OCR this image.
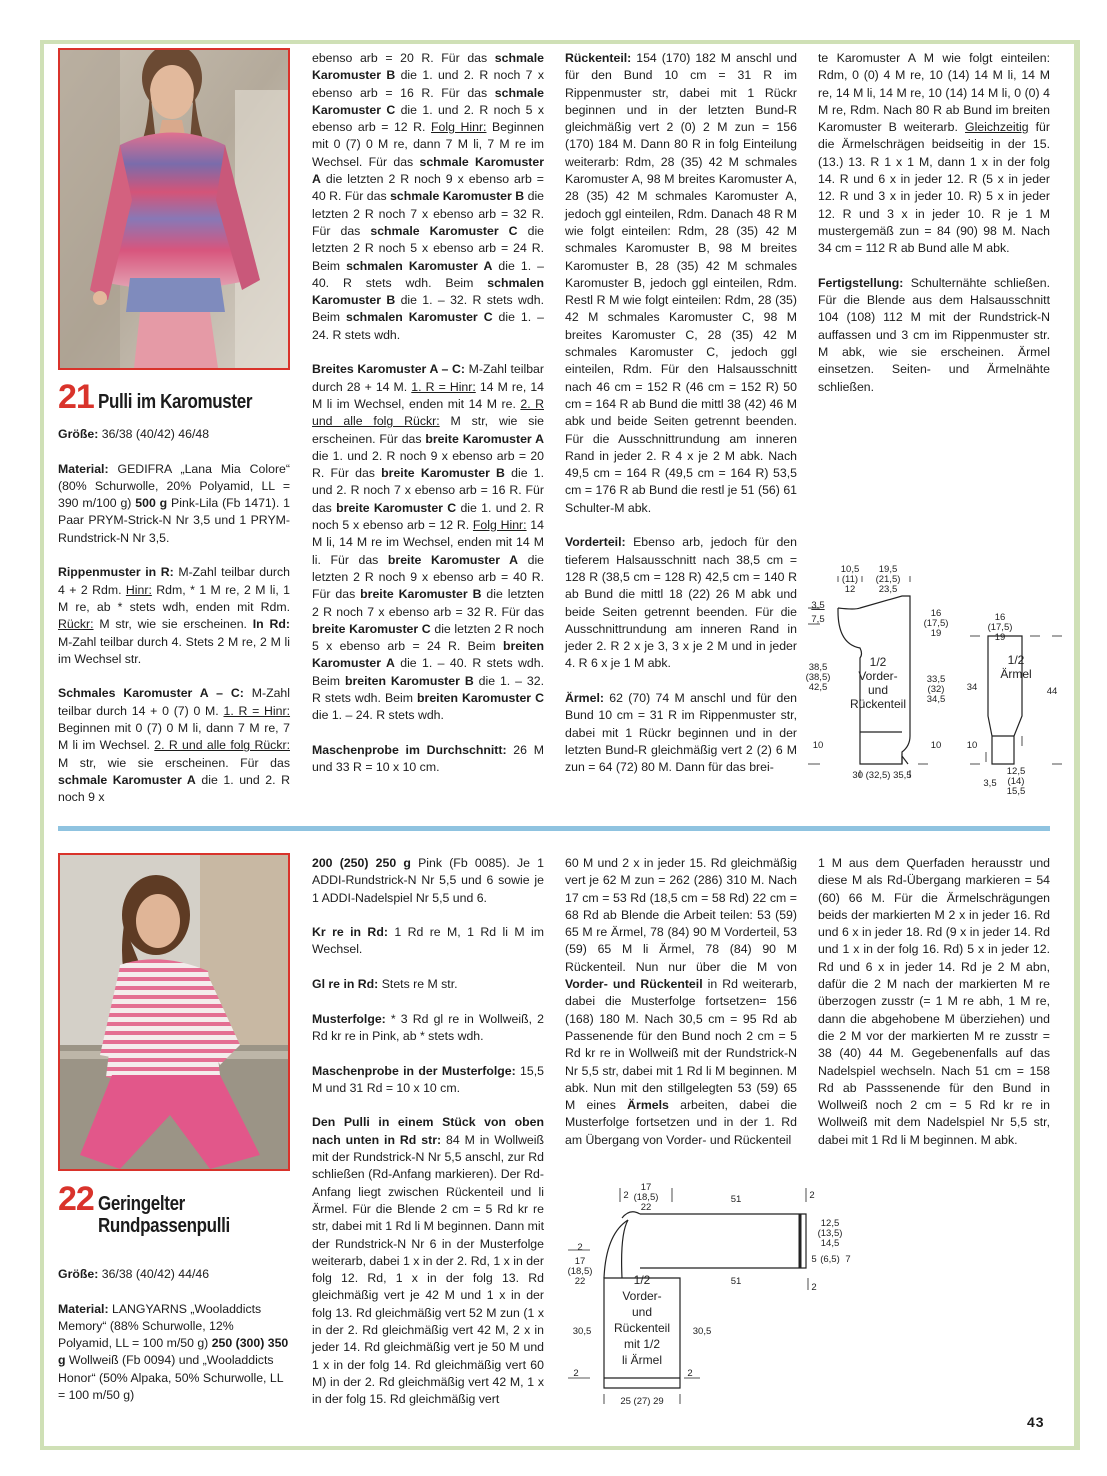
21 Pulli im Karomuster

Größe: 36/38 (40/42) 46/48

Material: GEDIFRA „Lana Mia Colore“ (80% Schurwolle, 20% Polyamid, LL = 390 m/100 g) 500 g Pink-Lila (Fb 1471). 1 Paar PRYM-Strick-N Nr 3,5 und 1 PRYM-Rundstrick-N Nr 3,5.

Rippenmuster in R: M-Zahl teilbar durch 4 + 2 Rdm. Hinr: Rdm, * 1 M re, 2 M li, 1 M re, ab * stets wdh, enden mit Rdm. Rückr: M str, wie sie erscheinen. In Rd: M-Zahl teilbar durch 4. Stets 2 M re, 2 M li im Wechsel str.

Schmales Karomuster A – C: M-Zahl teilbar durch 14 + 0 (7) 0 M. 1. R = Hinr: Beginnen mit 0 (7) 0 M li, dann 7 M re, 7 M li im Wechsel. 2. R und alle folg Rückr: M str, wie sie erscheinen. Für das schmale Karomuster A die 1. und 2. R noch 9 x

ebenso arb = 20 R. Für das schmale Karomuster B die 1. und 2. R noch 7 x ebenso arb = 16 R. Für das schmale Karomuster C die 1. und 2. R noch 5 x ebenso arb = 12 R. Folg Hinr: Beginnen mit 0 (7) 0 M re, dann 7 M li, 7 M re im Wechsel. Für das schmale Karomuster A die letzten 2 R noch 9 x ebenso arb = 40 R. Für das schmale Karomuster B die letzten 2 R noch 7 x ebenso arb = 32 R. Für das schmale Karomuster C die letzten 2 R noch 5 x ebenso arb = 24 R. Beim schmalen Karomuster A die 1. – 40. R stets wdh. Beim schmalen Karomuster B die 1. – 32. R stets wdh. Beim schmalen Karomuster C die 1. – 24. R stets wdh.

Breites Karomuster A – C: M-Zahl teilbar durch 28 + 14 M. 1. R = Hinr: 14 M re, 14 M li im Wechsel, enden mit 14 M re. 2. R und alle folg Rückr: M str, wie sie erscheinen. Für das breite Karomuster A die 1. und 2. R noch 9 x ebenso arb = 20 R. Für das breite Karomuster B die 1. und 2. R noch 7 x ebenso arb = 16 R. Für das breite Karomuster C die 1. und 2. R noch 5 x ebenso arb = 12 R. Folg Hinr: 14 M li, 14 M re im Wechsel, enden mit 14 M li. Für das breite Karomuster A die letzten 2 R noch 9 x ebenso arb = 40 R. Für das breite Karomuster B die letzten 2 R noch 7 x ebenso arb = 32 R. Für das breite Karomuster C die letzten 2 R noch 5 x ebenso arb = 24 R. Beim breiten Karomuster A die 1. – 40. R stets wdh. Beim breiten Karomuster B die 1. – 32. R stets wdh. Beim breiten Karomuster C die 1. – 24. R stets wdh.

Maschenprobe im Durchschnitt: 26 M und 33 R = 10 x 10 cm.

Rückenteil: 154 (170) 182 M anschl und für den Bund 10 cm = 31 R im Rippenmuster str, dabei mit 1 Rückr beginnen und in der letzten Bund-R gleichmäßig vert 2 (0) 2 M zun = 156 (170) 184 M. Dann 80 R in folg Einteilung weiterarb: Rdm, 28 (35) 42 M schmales Karomuster A, 98 M breites Karomuster A, 28 (35) 42 M schmales Karomuster A, jedoch ggl einteilen, Rdm. Danach 48 R M wie folgt einteilen: Rdm, 28 (35) 42 M schmales Karomuster B, 98 M breites Karomuster B, 28 (35) 42 M schmales Karomuster B, jedoch ggl einteilen, Rdm. Restl R M wie folgt einteilen: Rdm, 28 (35) 42 M schmales Karomuster C, 98 M breites Karomuster C, 28 (35) 42 M schmales Karomuster C, jedoch ggl einteilen, Rdm. Für den Halsausschnitt nach 46 cm = 152 R (46 cm = 152 R) 50 cm = 164 R ab Bund die mittl 38 (42) 46 M abk und beide Seiten getrennt beenden. Für die Ausschnittrundung am inneren Rand in jeder 2. R 4 x je 2 M abk. Nach 49,5 cm = 164 R (49,5 cm = 164 R) 53,5 cm = 176 R ab Bund die restl je 51 (56) 61 Schulter-M abk.

Vorderteil: Ebenso arb, jedoch für den tieferem Halsausschnitt nach 38,5 cm = 128 R (38,5 cm = 128 R) 42,5 cm = 140 R ab Bund die mittl 18 (22) 26 M abk und beide Seiten getrennt beenden. Für die Ausschnittrundung am inneren Rand in jeder 2. R 2 x je 3, 3 x je 2 M und in jeder 4. R 6 x je 1 M abk.

Ärmel: 62 (70) 74 M anschl und für den Bund 10 cm = 31 R im Rippenmuster str, dabei mit 1 Rückr beginnen und in der letzten Bund-R gleichmäßig vert 2 (2) 6 M zun = 64 (72) 80 M. Dann für das brei-

te Karomuster A M wie folgt einteilen: Rdm, 0 (0) 4 M re, 10 (14) 14 M li, 14 M re, 14 M li, 14 M re, 10 (14) 14 M li, 0 (0) 4 M re, Rdm. Nach 80 R ab Bund im breiten Karomuster B weiterarb. Gleichzeitig für die Ärmelschrägen beidseitig in der 15. (13.) 13. R 1 x 1 M, dann 1 x in der folg 14. R und 6 x in jeder 12. R (5 x in jeder 12. R und 3 x in jeder 10. R) 5 x in jeder 12. R und 3 x in jeder 10. R je 1 M mustergemäß zun = 84 (90) 98 M. Nach 34 cm = 112 R ab Bund alle M abk.

Fertigstellung: Schulternähte schließen. Für die Blende aus dem Halsausschnitt 104 (108) 112 M mit der Rundstrick-N auffassen und 3 cm im Rippenmuster str. M abk, wie sie erscheinen. Ärmel einsetzen. Seiten- und Ärmelnähte schließen.

10,5
(11)
12
19,5
(21,5)
23,5
3,5
7,5
16
(17,5)
19
38,5
(38,5)
42,5
33,5
(32)
34,5
10	10
30 (32,5) 35,5
16
(17,5)
19
34	44
10
12,5
(14)
15,5
3,5
1/2
Vorder-
und
Rückenteil
1/2
Ärmel
22 Geringelter
Rundpassenpulli

Größe: 36/38 (40/42) 44/46

Material: LANGYARNS „Wooladdicts Memory“ (88% Schurwolle, 12% Polyamid, LL = 100 m/50 g) 250 (300) 350 g Wollweiß (Fb 0094) und „Wooladdicts Honor“ (50% Alpaka, 50% Schurwolle, LL = 100 m/50 g)

200 (250) 250 g Pink (Fb 0085). Je 1 ADDI-Rundstrick-N Nr 5,5 und 6 sowie je 1 ADDI-Nadelspiel Nr 5,5 und 6.

Kr re in Rd: 1 Rd re M, 1 Rd li M im Wechsel.

Gl re in Rd: Stets re M str.

Musterfolge: * 3 Rd gl re in Wollweiß, 2 Rd kr re in Pink, ab * stets wdh.

Maschenprobe in der Musterfolge: 15,5 M und 31 Rd = 10 x 10 cm.

Den Pulli in einem Stück von oben nach unten in Rd str: 84 M in Wollweiß mit der Rundstrick-N Nr 5,5 anschl, zur Rd schließen (Rd-Anfang markieren). Der Rd-Anfang liegt zwischen Rückenteil und li Ärmel. Für die Blende 2 cm = 5 Rd kr re str, dabei mit 1 Rd li M beginnen. Dann mit der Rundstrick-N Nr 6 in der Musterfolge weiterarb, dabei 1 x in der 2. Rd, 1 x in der folg 12. Rd, 1 x in der folg 13. Rd gleichmäßig vert je 42 M und 1 x in der folg 13. Rd gleichmäßig vert 52 M zun (1 x in der 2. Rd gleichmäßig vert 42 M, 2 x in jeder 14. Rd gleichmäßig vert je 50 M und 1 x in der folg 14. Rd gleichmäßig vert 60 M) in der 2. Rd gleichmäßig vert 42 M, 1 x in der folg 15. Rd gleichmäßig vert

60 M und 2 x in jeder 15. Rd gleichmäßig vert je 62 M zun = 262 (286) 310 M. Nach 17 cm = 53 Rd (18,5 cm = 58 Rd) 22 cm = 68 Rd ab Blende die Arbeit teilen: 53 (59) 65 M re Ärmel, 78 (84) 90 M Vorderteil, 53 (59) 65 M li Ärmel, 78 (84) 90 M Rückenteil. Nun nur über die M von Vorder- und Rückenteil in Rd weiterarb, dabei die Musterfolge fortsetzen= 156 (168) 180 M. Nach 30,5 cm = 95 Rd ab Passenende für den Bund noch 2 cm = 5 Rd kr re in Wollweiß mit der Rundstrick-N Nr 5,5 str, dabei mit 1 Rd li M beginnen. M abk. Nun mit den stillgelegten 53 (59) 65 M eines Ärmels arbeiten, dabei die Musterfolge fortsetzen und in der 1. Rd am Übergang von Vorder- und Rückenteil

1 M aus dem Querfaden herausstr und diese M als Rd-Übergang markieren = 54 (60) 66 M. Für die Ärmelschrägungen beids der markierten M 2 x in jeder 16. Rd und 6 x in jeder 18. Rd (9 x in jeder 14. Rd und 1 x in der folg 16. Rd) 5 x in jeder 12. Rd und 6 x in jeder 14. Rd je 2 M abn, dafür die 2 M nach der markierten M re überzogen zusstr (= 1 M re abh, 1 M re, dann die abgehobene M überziehen) und die 2 M vor der markierten M re zusstr = 38 (40) 44 M. Gegebenenfalls auf das Nadelspiel wechseln. Nach 51 cm = 158 Rd ab Passsenende für den Bund in Wollweiß noch 2 cm = 5 Rd kr re in Wollweiß mit dem Nadelspiel Nr 5,5 str, dabei mit 1 Rd li M beginnen. M abk.

17
(18,5)
22
2	2
51
51
2
17
(18,5)
22
30,5	30,5
2	2
25 (27) 29
12,5
(13,5)
14,5
5 (6,5) 7
2
1/2
Vorder-
und
Rückenteil
mit 1/2
li Ärmel
43
